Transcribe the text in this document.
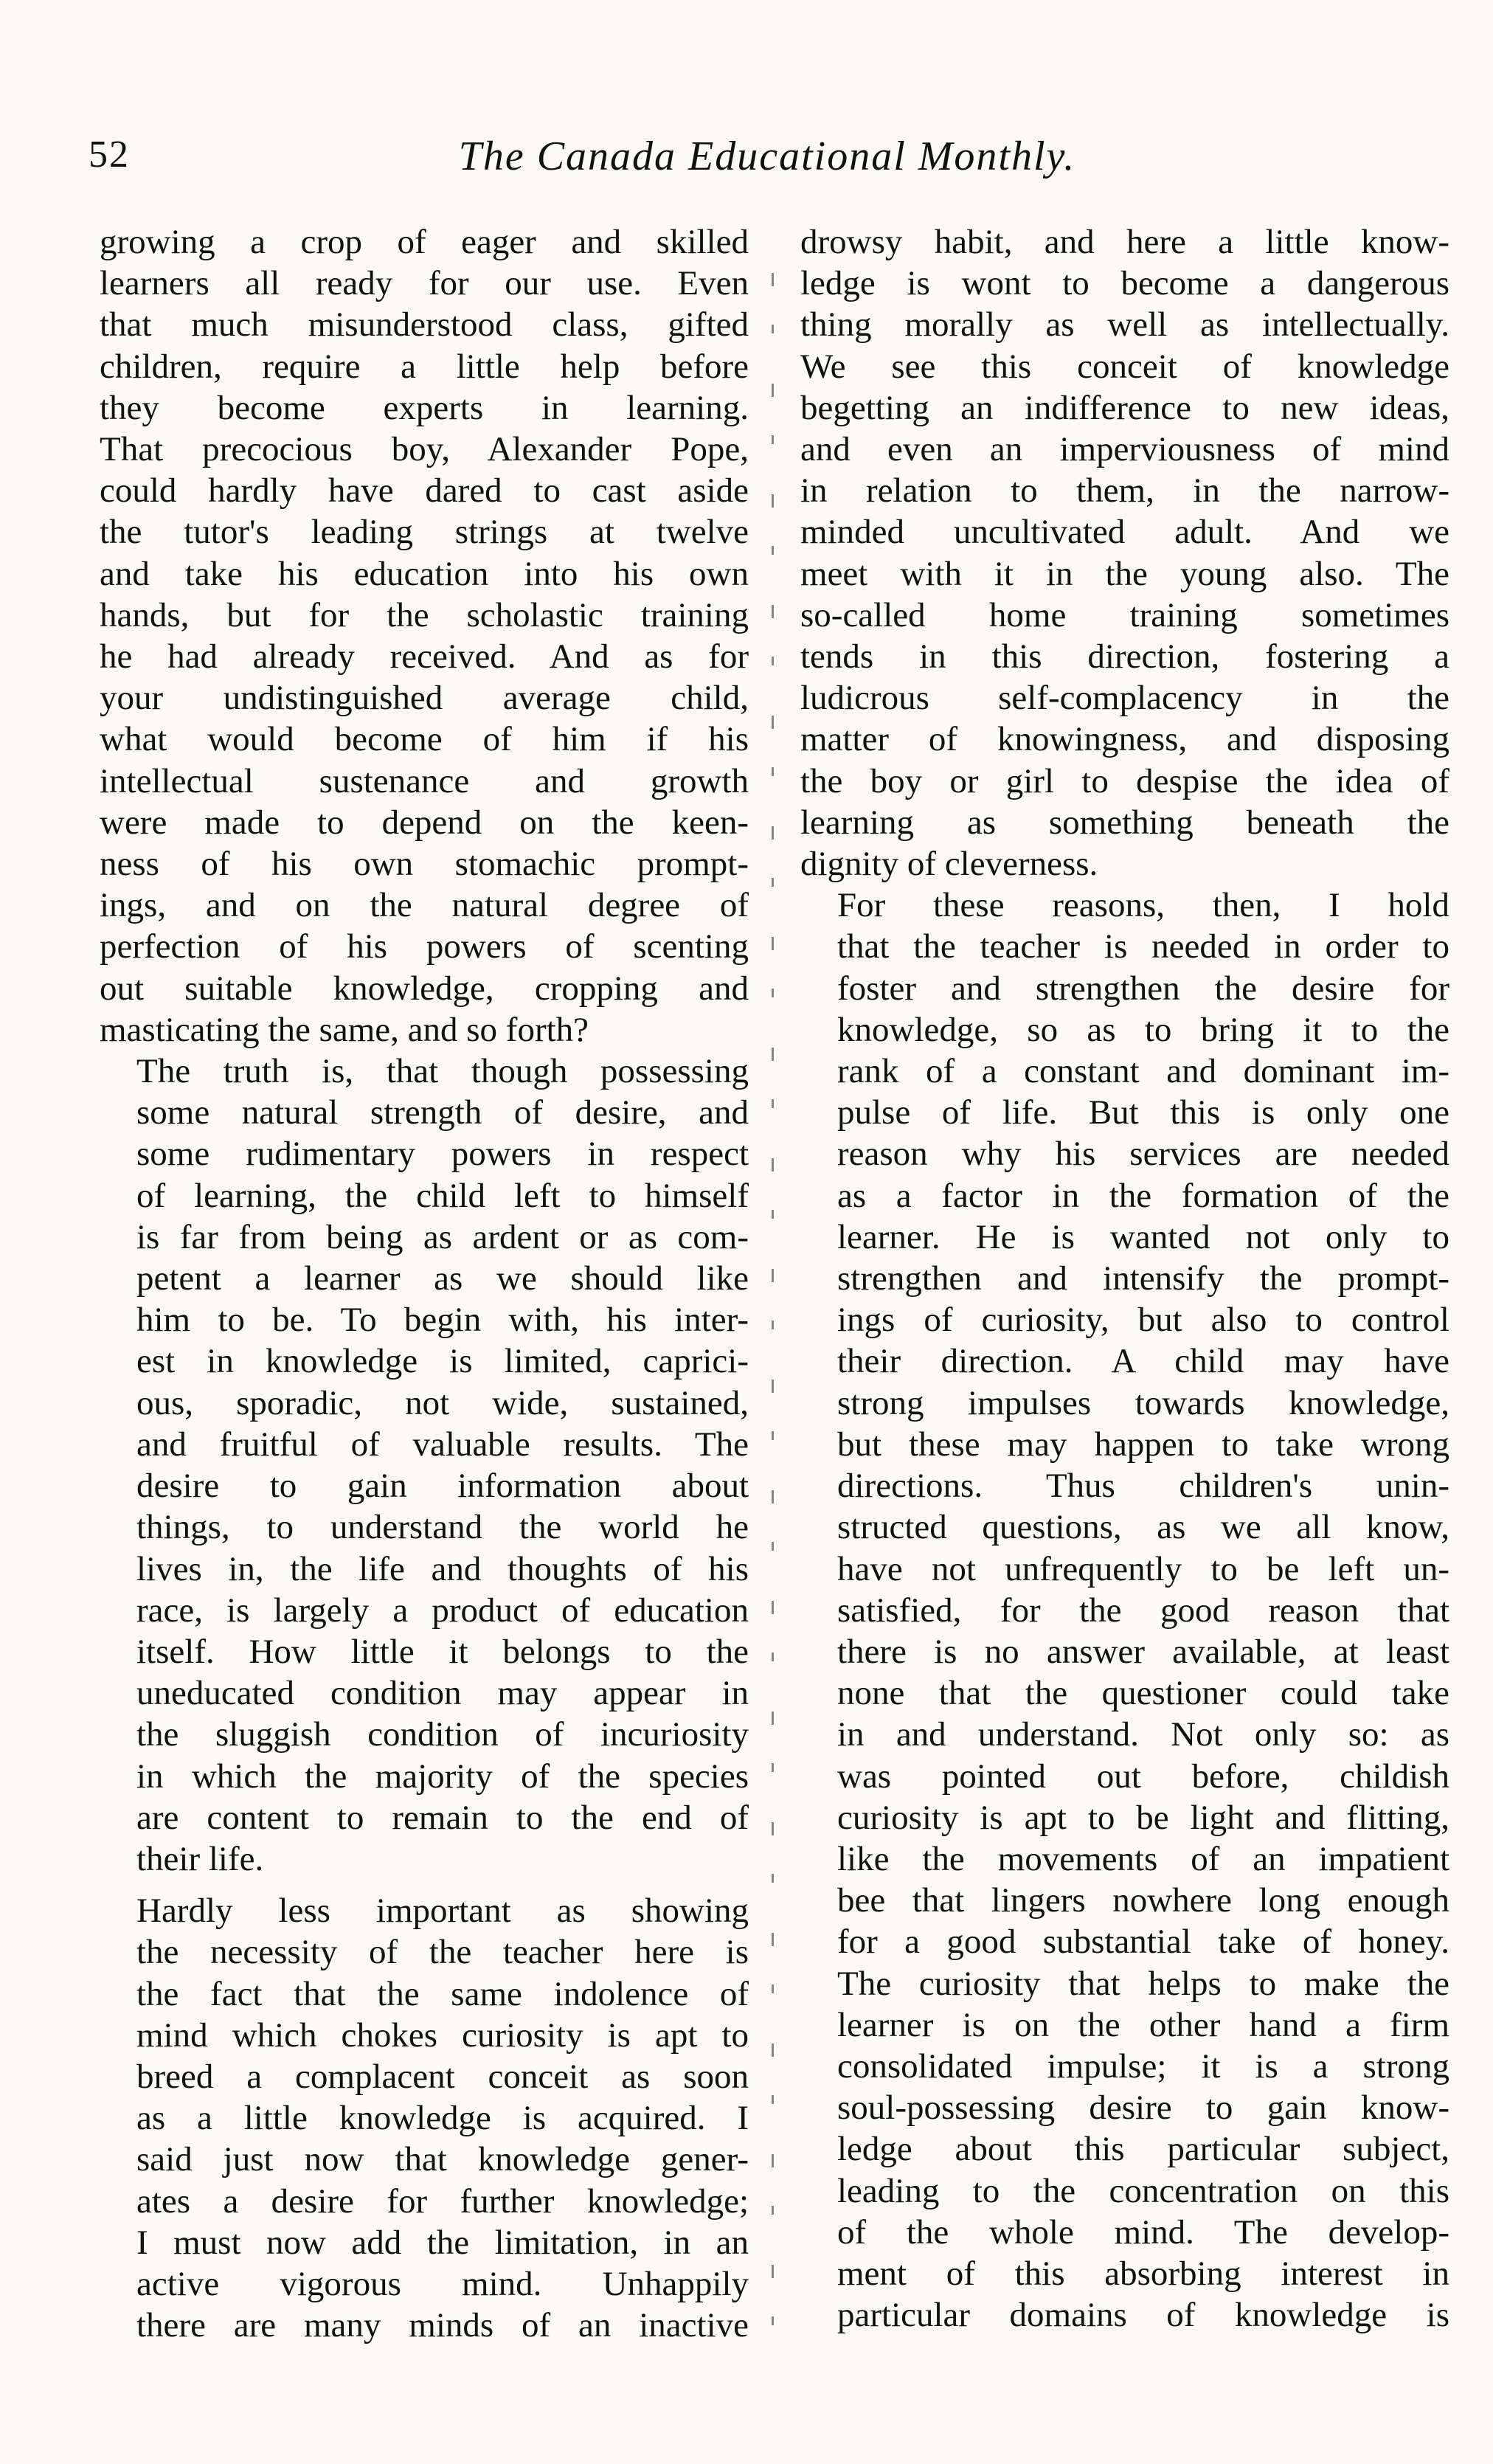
52	The Canada Educational Monthly.

growing a crop of eager and skilled
learners all ready for our use. Even
that much misunderstood class, gifted
children, require a little help before
they become experts in learning.
That precocious boy, Alexander Pope,
could hardly have dared to cast aside
the tutor's leading strings at twelve
and take his education into his own
hands, but for the scholastic training
he had already received. And as for
your undistinguished average child,
what would become of him if his
intellectual sustenance and growth
were made to depend on the keen-
ness of his own stomachic prompt-
ings, and on the natural degree of
perfection of his powers of scenting
out suitable knowledge, cropping and
masticating the same, and so forth?

The truth is, that though possessing
some natural strength of desire, and
some rudimentary powers in respect
of learning, the child left to himself
is far from being as ardent or as com-
petent a learner as we should like
him to be. To begin with, his inter-
est in knowledge is limited, caprici-
ous, sporadic, not wide, sustained,
and fruitful of valuable results. The
desire to gain information about
things, to understand the world he
lives in, the life and thoughts of his
race, is largely a product of education
itself. How little it belongs to the
uneducated condition may appear in
the sluggish condition of incuriosity
in which the majority of the species
are content to remain to the end of
their life.

Hardly less important as showing
the necessity of the teacher here is
the fact that the same indolence of
mind which chokes curiosity is apt to
breed a complacent conceit as soon
as a little knowledge is acquired. I
said just now that knowledge gener-
ates a desire for further knowledge;
I must now add the limitation, in an
active vigorous mind. Unhappily
there are many minds of an inactive

drowsy habit, and here a little know-
ledge is wont to become a dangerous
thing morally as well as intellectually.
We see this conceit of knowledge
begetting an indifference to new ideas,
and even an imperviousness of mind
in relation to them, in the narrow-
minded uncultivated adult. And we
meet with it in the young also. The
so-called home training sometimes
tends in this direction, fostering a
ludicrous self-complacency in the
matter of knowingness, and disposing
the boy or girl to despise the idea of
learning as something beneath the
dignity of cleverness.

For these reasons, then, I hold
that the teacher is needed in order to
foster and strengthen the desire for
knowledge, so as to bring it to the
rank of a constant and dominant im-
pulse of life. But this is only one
reason why his services are needed
as a factor in the formation of the
learner. He is wanted not only to
strengthen and intensify the prompt-
ings of curiosity, but also to control
their direction. A child may have
strong impulses towards knowledge,
but these may happen to take wrong
directions. Thus children's unin-
structed questions, as we all know,
have not unfrequently to be left un-
satisfied, for the good reason that
there is no answer available, at least
none that the questioner could take
in and understand. Not only so: as
was pointed out before, childish
curiosity is apt to be light and flitting,
like the movements of an impatient
bee that lingers nowhere long enough
for a good substantial take of honey.
The curiosity that helps to make the
learner is on the other hand a firm
consolidated impulse; it is a strong
soul-possessing desire to gain know-
ledge about this particular subject,
leading to the concentration on this
of the whole mind. The develop-
ment of this absorbing interest in
particular domains of knowledge is
